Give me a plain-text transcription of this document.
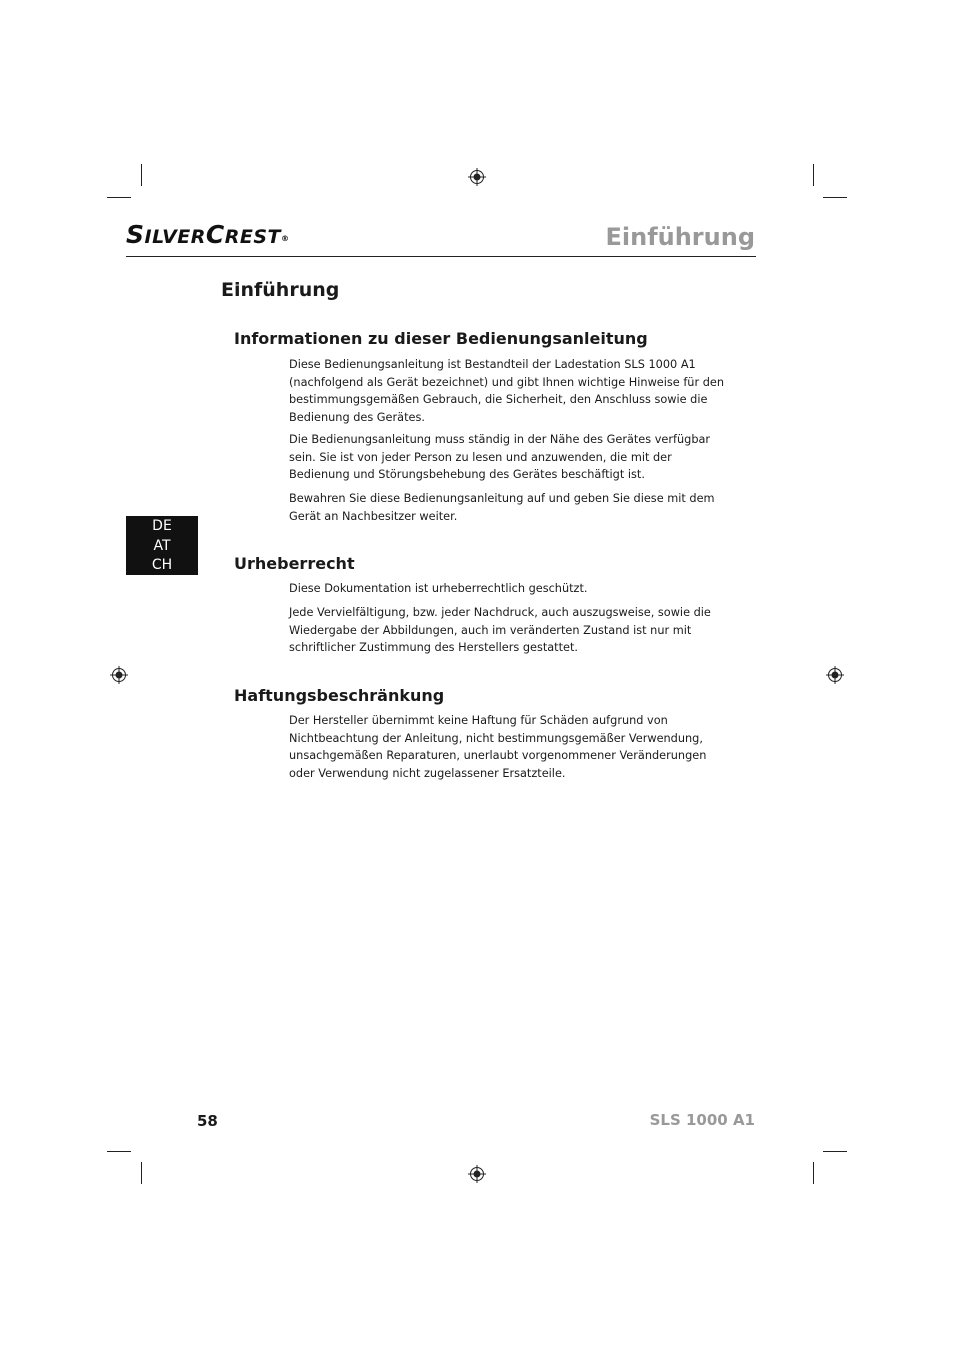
SILVERCREST®	Einführung
Einführung
DE
AT
CH
Informationen zu dieser Bedienungsanleitung

Diese Bedienungsanleitung ist Bestandteil der Ladestation SLS 1000 A1 (nachfolgend als Gerät bezeichnet) und gibt Ihnen wichtige Hinweise für den bestimmungsgemäßen Gebrauch, die Sicherheit, den Anschluss sowie die Bedienung des Gerätes.

Die Bedienungsanleitung muss ständig in der Nähe des Gerätes verfügbar sein. Sie ist von jeder Person zu lesen und anzuwenden, die mit der Bedienung und Störungsbehebung des Gerätes beschäftigt ist.

Bewahren Sie diese Bedienungsanleitung auf und geben Sie diese mit dem Gerät an Nachbesitzer weiter.

Urheberrecht

Diese Dokumentation ist urheberrechtlich geschützt.

Jede Vervielfältigung, bzw. jeder Nachdruck, auch auszugsweise, sowie die Wiedergabe der Abbildungen, auch im veränderten Zustand ist nur mit schriftlicher Zustimmung des Herstellers gestattet.

Haftungsbeschränkung

Der Hersteller übernimmt keine Haftung für Schäden aufgrund von Nichtbeachtung der Anleitung, nicht bestimmungsgemäßer Verwendung, unsachgemäßen Reparaturen, unerlaubt vorgenommener Veränderungen oder Verwendung nicht zugelassener Ersatzteile.

58	SLS 1000 A1
